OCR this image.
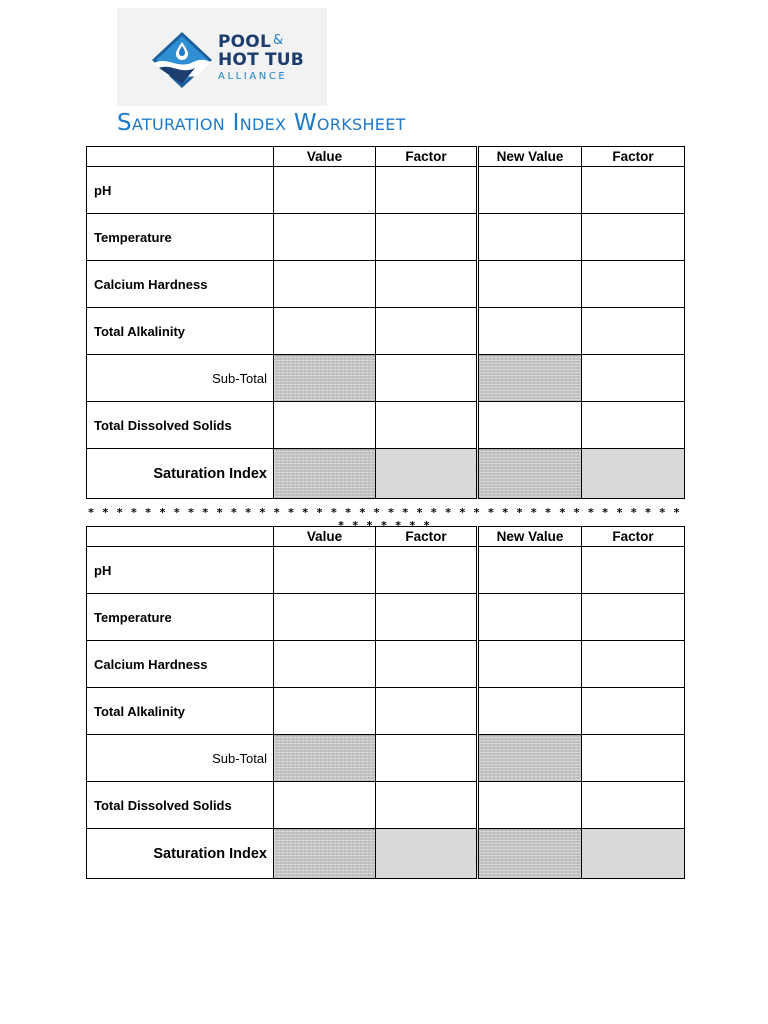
POOL &
HOT TUB
ALLIANCE
Saturation Index Worksheet
	Value	Factor	New Value	Factor
pH				
Temperature				
Calcium Hardness				
Total Alkalinity				
Sub-Total				
Total Dissolved Solids				
Saturation Index				
* * * * * * * * * * * * * * * * * * * * * * * * * * * * * * * * * * * * * * * * * * * * * * * * *
	Value	Factor	New Value	Factor
pH				
Temperature				
Calcium Hardness				
Total Alkalinity				
Sub-Total				
Total Dissolved Solids				
Saturation Index				
